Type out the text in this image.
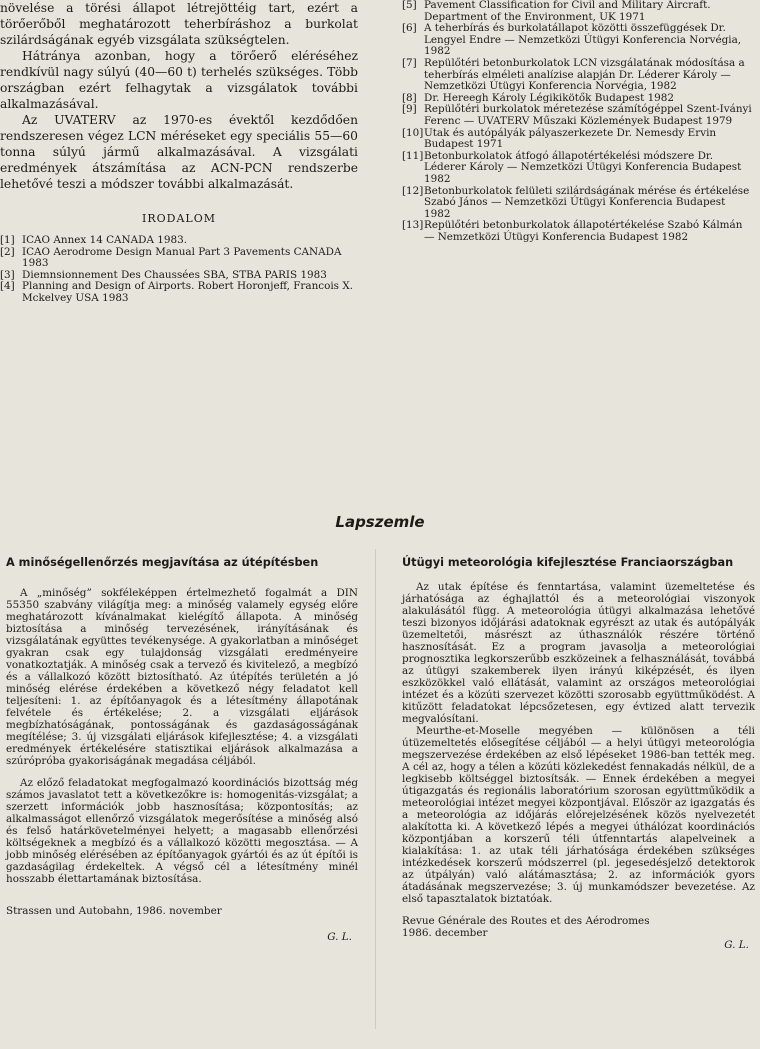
növelése a törési állapot létrejöttéig tart, ezért a törőerőből meghatározott teherbíráshoz a burkolat szilárdságának egyéb vizsgálata szükségtelen.

Hátránya azonban, hogy a törőerő eléréséhez rendkívül nagy súlyú (40—60 t) terhelés szükséges. Több országban ezért felhagytak a vizsgálatok további alkalmazásával.

Az UVATERV az 1970-es évektől kezdődően rendszeresen végez LCN méréseket egy speciális 55—60 tonna súlyú jármű alkalmazásával. A vizsgálati eredmények átszámítása az ACN-PCN rendszerbe lehetővé teszi a módszer további alkalmazását.

IRODALOM
[1] ICAO Annex 14 CANADA 1983.
[2] ICAO Aerodrome Design Manual Part 3 Pavements CANADA 1983
[3] Diemnsionnement Des Chaussées SBA, STBA PARIS 1983
[4] Planning and Design of Airports. Robert Horonjeff, Francois X. Mckelvey USA 1983
[5] Pavement Classification for Civil and Military Aircraft. Department of the Environment, UK 1971
[6] A teherbírás és burkolatállapot közötti összefüggések Dr. Lengyel Endre — Nemzetközi Útügyi Konferencia Norvégia, 1982
[7] Repülőtéri betonburkolatok LCN vizsgálatának módosítása a teherbírás elméleti analízise alapján Dr. Léderer Károly — Nemzetközi Útügyi Konferencia Norvégia, 1982
[8] Dr. Hereegh Károly Légikikötők Budapest 1982
[9] Repülőtéri burkolatok méretezése számítógéppel Szent-Iványi Ferenc — UVATERV Műszaki Közlemények Budapest 1979
[10] Utak és autópályák pályaszerkezete Dr. Nemesdy Ervin Budapest 1971
[11] Betonburkolatok átfogó állapotértékelési módszere Dr. Léderer Károly — Nemzetközi Útügyi Konferencia Budapest 1982
[12] Betonburkolatok felületi szilárdságának mérése és értékelése Szabó János — Nemzetközi Útügyi Konferencia Budapest 1982
[13] Repülőtéri betonburkolatok állapotértékelése Szabó Kálmán — Nemzetközi Útügyi Konferencia Budapest 1982
Lapszemle
A minőségellenőrzés megjavítása az útépítésben

A „minőség” sokféleképpen értelmezhető fogalmát a DIN 55350 szabvány világítja meg: a minőség valamely egység előre meghatározott kívánalmakat kielégítő állapota. A minőség biztosítása a minőség tervezésének, irányításának és vizsgálatának együttes tevékenysége. A gyakorlatban a minőséget gyakran csak egy tulajdonság vizsgálati eredményeire vonatkoztatják. A minőség csak a tervező és kivitelező, a megbízó és a vállalkozó között biztosítható. Az útépítés területén a jó minőség elérése érdekében a következő négy feladatot kell teljesíteni: 1. az építőanyagok és a létesítmény állapotának felvétele és értékelése; 2. a vizsgálati eljárások megbízhatóságának, pontosságának és gazdaságosságának megítélése; 3. új vizsgálati eljárások kifejlesztése; 4. a vizsgálati eredmények értékelésére statisztikai eljárások alkalmazása a szúrópróba gyakoriságának megadása céljából.

Az előző feladatokat megfogalmazó koordinációs bizottság még számos javaslatot tett a következőkre is: homogenitás-vizsgálat; a szerzett információk jobb hasznosítása; központosítás; az alkalmasságot ellenőrző vizsgálatok megerősítése a minőség alsó és felső határkövetelményei helyett; a magasabb ellenőrzési költségeknek a megbízó és a vállalkozó közötti megosztása. — A jobb minőség elérésében az építőanyagok gyártói és az út építői is gazdaságilag érdekeltek. A végső cél a létesítmény minél hosszabb élettartamának biztosítása.

Strassen und Autobahn, 1986. november
G. L.
Útügyi meteorológia kifejlesztése Franciaországban

Az utak építése és fenntartása, valamint üzemeltetése és járhatósága az éghajlattól és a meteorológiai viszonyok alakulásától függ. A meteorológia útügyi alkalmazása lehetővé teszi bizonyos időjárási adatoknak egyrészt az utak és autópályák üzemeltetői, másrészt az úthasználók részére történő hasznosítását. Ez a program javasolja a meteorológiai prognosztika legkorszerűbb eszközeinek a felhasználását, továbbá az útügyi szakemberek ilyen irányú kiképzését, és ilyen eszközökkel való ellátását, valamint az országos meteorológiai intézet és a közúti szervezet közötti szorosabb együttműködést. A kitűzött feladatokat lépcsőzetesen, egy évtized alatt tervezik megvalósítani.

Meurthe-et-Moselle megyében — különösen a téli útüzemeltetés elősegítése céljából — a helyi útügyi meteorológia megszervezése érdekében az első lépéseket 1986-ban tették meg. A cél az, hogy a télen a közúti közlekedést fennakadás nélkül, de a legkisebb költséggel biztosítsák. — Ennek érdekében a megyei útigazgatás és regionális laboratórium szorosan együttműködik a meteorológiai intézet megyei központjával. Először az igazgatás és a meteorológia az időjárás előrejelzésének közös nyelvezetét alakította ki. A következő lépés a megyei úthálózat koordinációs központjában a korszerű téli útfenntartás alapelveinek a kialakítása: 1. az utak téli járhatósága érdekében szükséges intézkedések korszerű módszerrel (pl. jegesedésjelző detektorok az útpályán) való alátámasztása; 2. az információk gyors átadásának megszervezése; 3. új munkamódszer bevezetése. Az első tapasztalatok biztatóak.

Revue Générale des Routes et des Aérodromes 1986. december
G. L.
